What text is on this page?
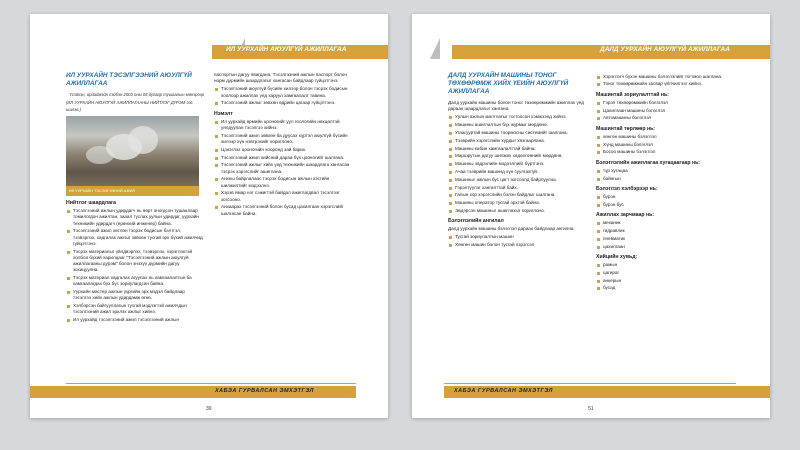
ИЛ УУРХАЙН АЮУЛГҮЙ АЖИЛЛАГАА
ИЛ УУРХАЙН ТЭСЭЛГЭЭНИЙ АЮУЛГҮЙ АЖИЛЛАГАА
Үсэйкэн, ирдаймэйн сэйбэн 2003 оны 06 дугаар тушаалын мөнэрээр
(ИЛ УУРХАЙН АЮУЛГҮЙ АЖИЛЛАГААНЫ НИЙТЛЭГ ДҮРЭМ-ээс ишлэв.)
ИЛ УУРХАЙН ТЭСЭЛГЭЭНИЙ АЖИЛ
Нийтлэг шаардлага
Тэсэлгээний ажлын удирдагч нь өөрт оногдсон тушаалаар томилогдон ажилтан, зааал туслах уулын удирдаг, уурхайн техникийн удирдагч (ерөнхий инженер) байна.
Тэсэлгээний ажил хөтлөн тэсрэх бодисын бэлтгэл, тээвэрлэх, хадгалах ажлыг зөвхөн тусгай эрх бүхий ажилчид гүйцэтгэнэ.
Тэсрэх материалыг үйлдвэрлэх, тээвэрлэх, хэрэглэхтэй холбоо бүхий харилцааг "Тэсэлгээний ажлын аюулгүй ажиллагааны дүрэм" болон энэхүү дүрмийн дагуу зохицуулна.
Тэсрэх материал хадгалах агуулах нь хамгаалалтын ба хамгаалагдах бүх бүс зориулагдсан байна.
Уурхайн мастер ажлын үүргийн эрх мэдэл байдлаар тэсэлгээ хийх ажлын удирдамж өгнө.
Хэлбэрсэн байгууллагын тусгай мэдлэгтэй ажилчдын тэсэлгээний ажил эрхлэх ажлыг хийнэ.
Ил уурхайд тэсэлгээний ажил тэсэлгээний ажлын
паспортын дагуу явагдана. Тэсэлгээний ажлын паспорт болон норм дүрмийн шаардлагыг хангасан байдлаар гүйцэтгэнэ.
Тэсэлгээний аюулгүй бүсийн хилээр болон тэсрэх бодисын хоолоор ажиллах үед харуул хамгаалалт тавина.
Тэсэлгээний ажлыг зөвхөн өдрийн цагаар гүйцэтгэнэ.
Нэмэлт
Ил уурхайд өрмийн цооногийг уул геологийн нөхцөлтэй уялдуулан тэсэлгээ хийнэ.
Тэсэлгээний ажил зөвхөн ба дуусах хүртэл аюулгүй бүсийн хилээр хүн нэвтрэхийг хориглоно.
Цэнэглэх цооногийн хооронд зай барих.
Тэсэлгээний ажил хийсний дараа бүх цооногийг шалгана.
Тэсэлгээний ажлыг хийх үед техникийн шаардлага хангасан тэсрэх хэрэгслийг ашиглана.
Анхны байрлалаас тэсрэх бодисын ажлын хэсгийн шилжилтийг мэдээлнэ.
Хэрэв ямар нэг сэжигтэй байдал ажиглагдвал тэсэлгээг зогсооно.
Анхаарах тэсэлгээний болон бусад цахилгаан хэрэгслийг шалгасан байна.
ХАБЭА ГУРВАЛСАН ЭМХЭТГЭЛ
39
ДАЛД УУРХАЙН АЮУЛГҮЙ АЖИЛЛАГАА
ДАЛД УУРХАЙН МАШИНЫ ТОНОГ ТӨХӨӨРӨМЖ ХИЙХ ҮЕИЙН АЮУЛГҮЙ АЖИЛЛАГАА
Далд уурхайн машины болон тоног төхөөрөмжийн ажиллах үед дараах шаардлагыг хангана.
Уулын ажлын малтлагыг тогтоосон хэмжээнд хийнэ.
Машины ашиглалтын бүх журмыг мөрдөнө.
Угаагууртай машины тоормосны системийг шалгана.
Тээврийн хэрэгслийн хурдыг хязгаарлана.
Машины кабин хамгаалалттай байна.
Маршрутын дагуу шилжих хөдөлгөөнийг мөрдөнө.
Машины эвдрэлийн мэдээллийг бүртгэнэ.
Ачаа тээврийн машинд хүн суулгахгүй.
Машиныг ажлын бус цагт зогсоолд байрлуулна.
Гэрэлтүүлэг хангалттай байх.
Галын хор хэрэгслийн бэлэн байдлыг шалгана.
Машины оператор тусгай эрхтэй байна.
Эвдэрсэн машиныг ашиглахыг хориглоно.
Бэлэглэлийн ангилал
Далд уурхайн машины бэлэглэл дараах байдлаар ангилна.
Тусгай зориулалтын машин
Хөнгөн машин болон тусгай хэрэгсэл
Хэрэглэгч бүхэн машины бэлэглэлийг тогтмол шалгана.
Тоног төхөөрөмжийн засвар үйлчилгээг хийнэ.
Машинтай зориулалттай нь:
Гэрэл төхөөрөмжийн бэлэглэл
Цахилгаан машины бэлэглэл
Автомашины бэлэглэл
Машинтай төрлөөр нь:
хөнгөн машины бэлэглэл
Хүнд машины бэлэглэл
Босоо машины бэлэглэл
Бэлэглэлийн ажиллагаа хугацаагаар нь:
түр хугацаа
байнгын
Бэлэглэл хэлбэрээр нь:
бүрэн
бүрэн бус
Ажиллах зарчмаар нь:
механик
гидравлик
пневматик
цахилгаан
Хийцийн хувьд:
рамын
цагираг
анкерын
бусад
ХАБЭА ГУРВАЛСАН ЭМХЭТГЭЛ
51
